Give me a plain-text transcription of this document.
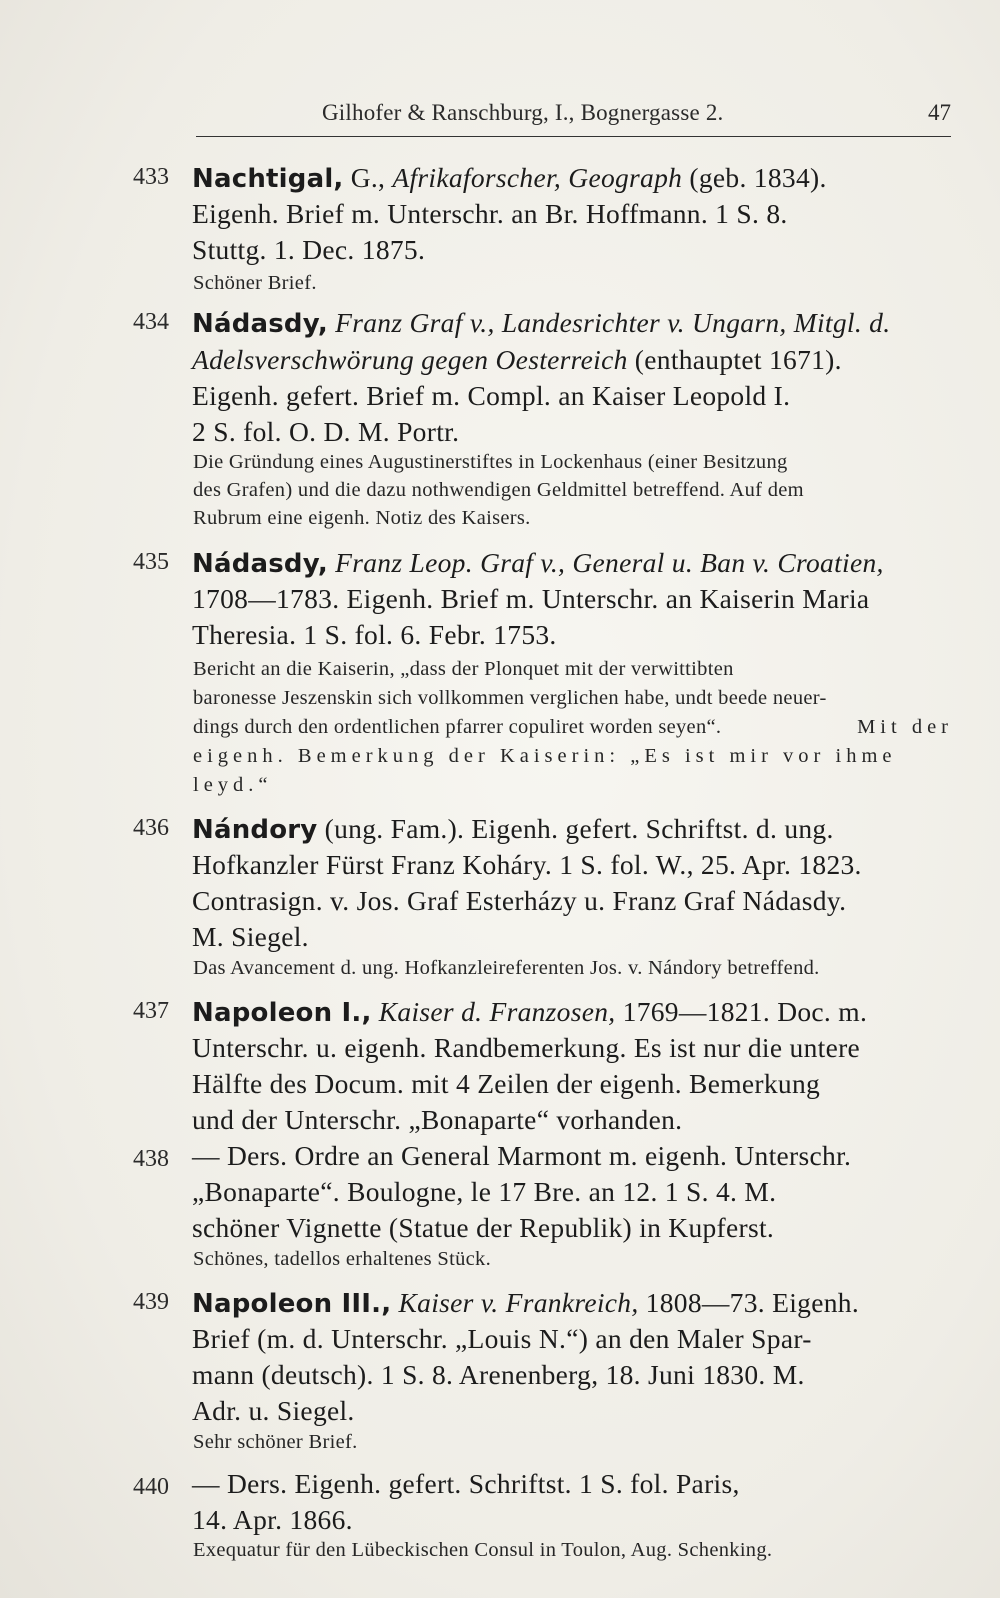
Gilhofer & Ranschburg, I., Bognergasse 2.	47
433 Nachtigal, G., Afrikaforscher, Geograph (geb. 1834).
Eigenh. Brief m. Unterschr. an Br. Hoffmann. 1 S. 8.
Stuttg. 1. Dec. 1875.
Schöner Brief.
434 Nádasdy, Franz Graf v., Landesrichter v. Ungarn, Mitgl. d.
Adelsverschwörung gegen Oesterreich (enthauptet 1671).
Eigenh. gefert. Brief m. Compl. an Kaiser Leopold I.
2 S. fol. O. D. M. Portr.
Die Gründung eines Augustinerstiftes in Lockenhaus (einer Besitzung
des Grafen) und die dazu nothwendigen Geldmittel betreffend. Auf dem
Rubrum eine eigenh. Notiz des Kaisers.
435 Nádasdy, Franz Leop. Graf v., General u. Ban v. Croatien,
1708—1783. Eigenh. Brief m. Unterschr. an Kaiserin Maria
Theresia. 1 S. fol. 6. Febr. 1753.
Bericht an die Kaiserin, „dass der Plonquet mit der verwittibten
baronesse Jeszenskin sich vollkommen verglichen habe, undt beede neuer-
dings durch den ordentlichen pfarrer copuliret worden seyen“.	Mit der
eigenh. Bemerkung der Kaiserin: „Es ist mir vor ihme
leyd.“
436 Nándory (ung. Fam.). Eigenh. gefert. Schriftst. d. ung.
Hofkanzler Fürst Franz Koháry. 1 S. fol. W., 25. Apr. 1823.
Contrasign. v. Jos. Graf Esterházy u. Franz Graf Nádasdy.
M. Siegel.
Das Avancement d. ung. Hofkanzleireferenten Jos. v. Nándory betreffend.
437 Napoleon I., Kaiser d. Franzosen, 1769—1821. Doc. m.
Unterschr. u. eigenh. Randbemerkung. Es ist nur die untere
Hälfte des Docum. mit 4 Zeilen der eigenh. Bemerkung
und der Unterschr. „Bonaparte“ vorhanden.
438 — Ders. Ordre an General Marmont m. eigenh. Unterschr.
„Bonaparte“. Boulogne, le 17 Bre. an 12. 1 S. 4. M.
schöner Vignette (Statue der Republik) in Kupferst.
Schönes, tadellos erhaltenes Stück.
439 Napoleon III., Kaiser v. Frankreich, 1808—73. Eigenh.
Brief (m. d. Unterschr. „Louis N.“) an den Maler Spar-
mann (deutsch). 1 S. 8. Arenenberg, 18. Juni 1830. M.
Adr. u. Siegel.
Sehr schöner Brief.
440 — Ders. Eigenh. gefert. Schriftst. 1 S. fol. Paris,
14. Apr. 1866.
Exequatur für den Lübeckischen Consul in Toulon, Aug. Schenking.
